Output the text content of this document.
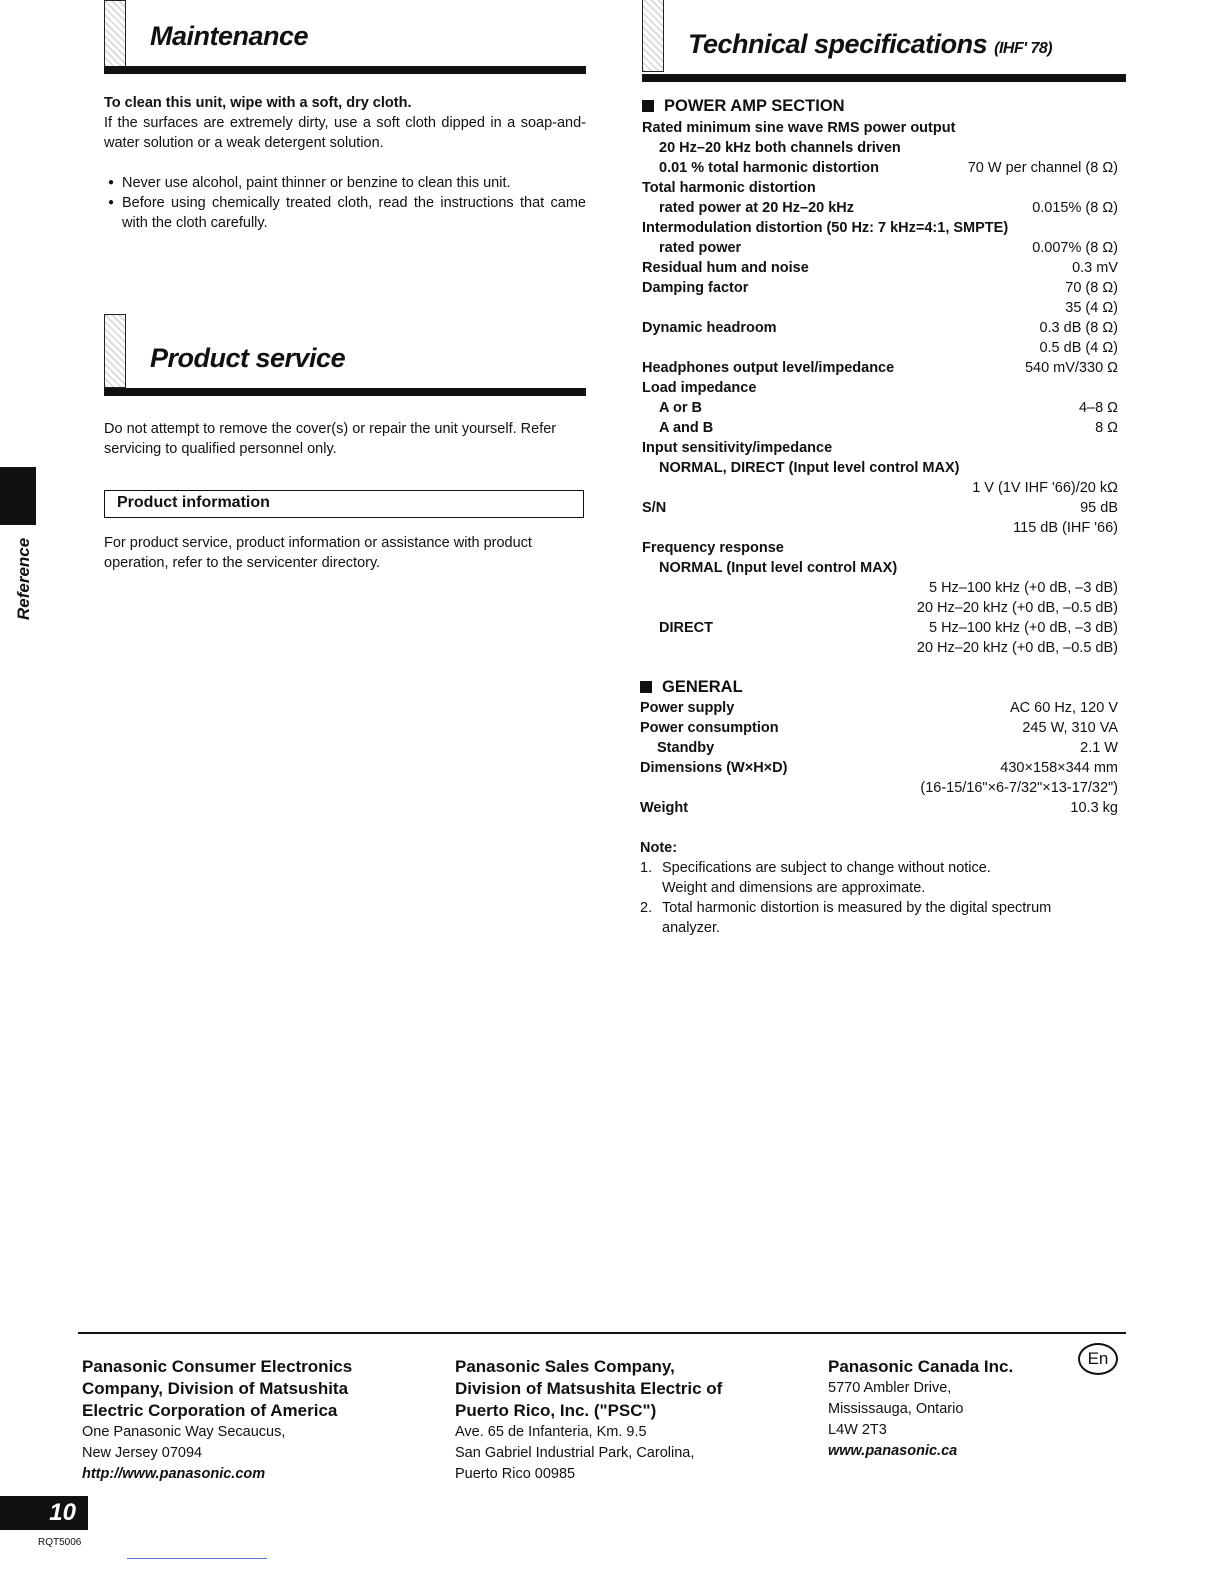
Maintenance
To clean this unit, wipe with a soft, dry cloth.
If the surfaces are extremely dirty, use a soft cloth dipped in a soap-and-water solution or a weak detergent solution.
● Never use alcohol, paint thinner or benzine to clean this unit.
● Before using chemically treated cloth, read the instructions that came with the cloth carefully.
Product service
Do not attempt to remove the cover(s) or repair the unit yourself. Refer servicing to qualified personnel only.
Product information
For product service, product information or assistance with product operation, refer to the servicenter directory.
Reference
Technical specifications (IHF' 78)
POWER AMP SECTION
Rated minimum sine wave RMS power output
20 Hz–20 kHz both channels driven
0.01 % total harmonic distortion	70 W per channel (8 Ω)
Total harmonic distortion
rated power at 20 Hz–20 kHz	0.015% (8 Ω)
Intermodulation distortion (50 Hz: 7 kHz=4:1, SMPTE)
rated power	0.007% (8 Ω)
Residual hum and noise	0.3 mV
Damping factor	70 (8 Ω)
35 (4 Ω)
Dynamic headroom	0.3 dB (8 Ω)
0.5 dB (4 Ω)
Headphones output level/impedance	540 mV/330 Ω
Load impedance
A or B	4–8 Ω
A and B	8 Ω
Input sensitivity/impedance
NORMAL, DIRECT (Input level control MAX)
1 V (1V IHF '66)/20 kΩ
S/N	95 dB
115 dB (IHF '66)
Frequency response
NORMAL (Input level control MAX)
5 Hz–100 kHz (+0 dB, –3 dB)
20 Hz–20 kHz (+0 dB, –0.5 dB)
DIRECT	5 Hz–100 kHz (+0 dB, –3 dB)
20 Hz–20 kHz (+0 dB, –0.5 dB)
GENERAL
Power supply	AC 60 Hz, 120 V
Power consumption	245 W, 310 VA
Standby	2.1 W
Dimensions (W×H×D)	430×158×344 mm
(16-15/16"×6-7/32"×13-17/32")
Weight	10.3 kg
Note:
1. Specifications are subject to change without notice.
Weight and dimensions are approximate.
2. Total harmonic distortion is measured by the digital spectrum
analyzer.
Panasonic Consumer Electronics
Company, Division of Matsushita
Electric Corporation of America
One Panasonic Way Secaucus,
New Jersey 07094
http://www.panasonic.com
Panasonic Sales Company,
Division of Matsushita Electric of
Puerto Rico, Inc. ("PSC")
Ave. 65 de Infanteria, Km. 9.5
San Gabriel Industrial Park, Carolina,
Puerto Rico 00985
Panasonic Canada Inc.
5770 Ambler Drive,
Mississauga, Ontario
L4W 2T3
www.panasonic.ca
En
10
RQT5006
